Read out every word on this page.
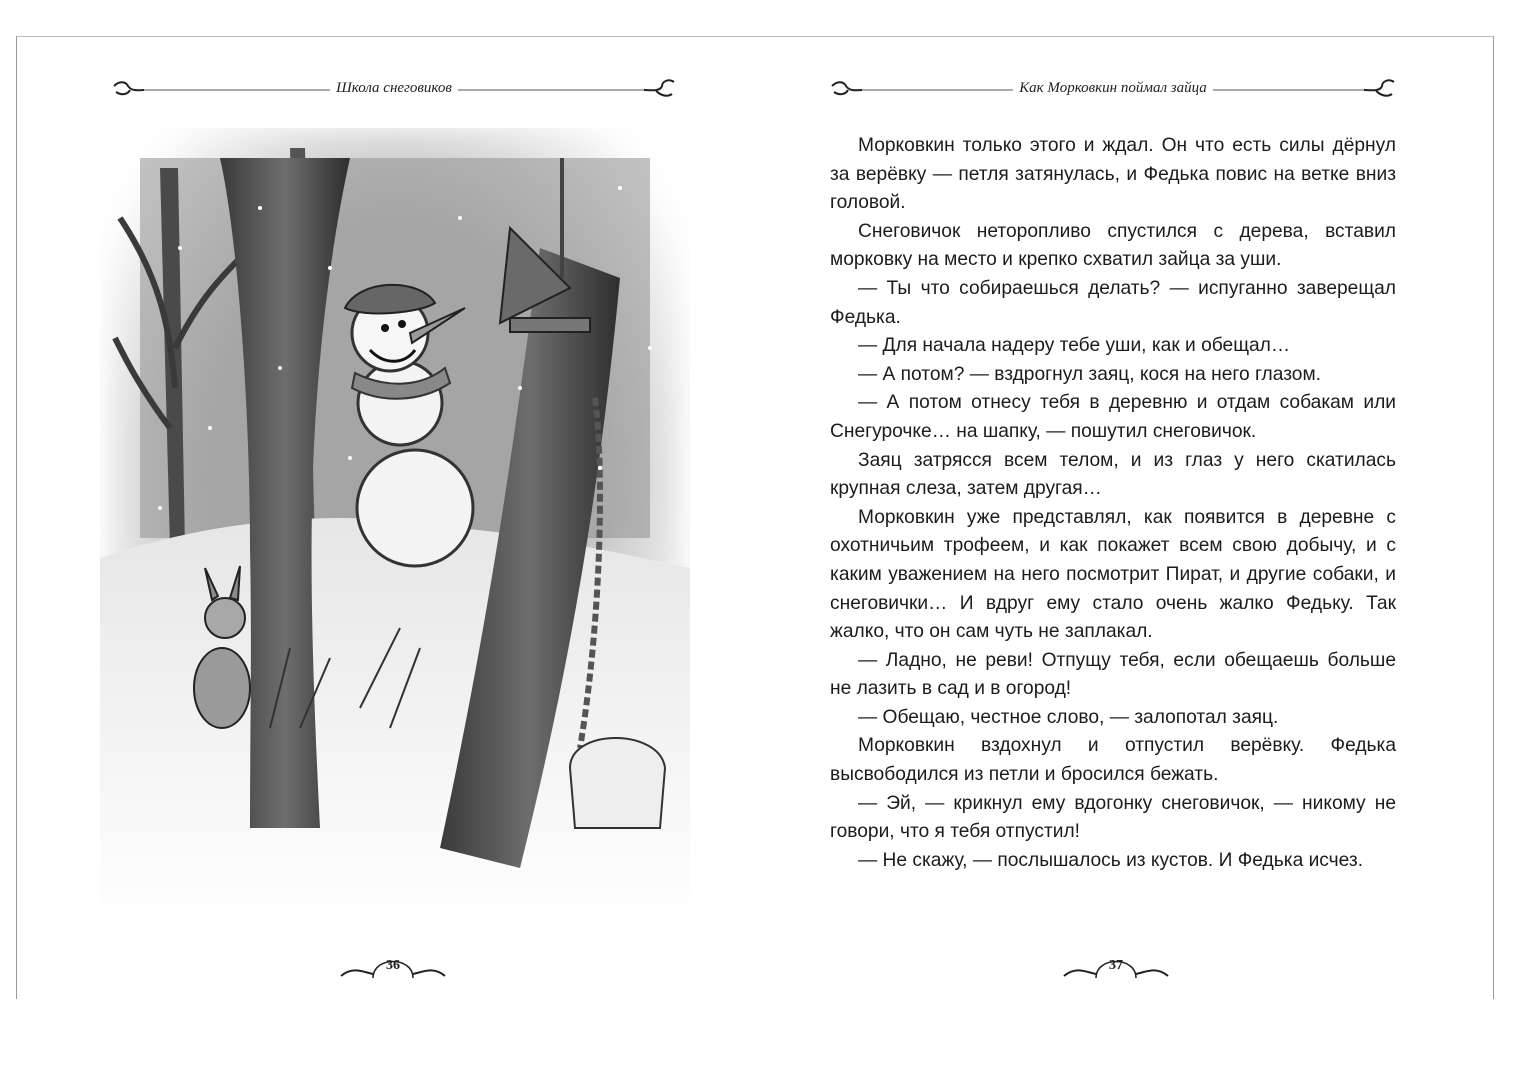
Школа снеговиков
36
Как Морковкин поймал зайца

Морковкин только этого и ждал. Он что есть силы дёрнул за верёвку — петля затянулась, и Федька повис на ветке вниз головой.

Снеговичок неторопливо спустился с дерева, вставил морковку на место и крепко схватил зайца за уши.

— Ты что собираешься делать? — испуганно заверещал Федька.

— Для начала надеру тебе уши, как и обещал…

— А потом? — вздрогнул заяц, кося на него глазом.

— А потом отнесу тебя в деревню и отдам собакам или Снегурочке… на шапку, — пошутил снеговичок.

Заяц затрясся всем телом, и из глаз у него скатилась крупная слеза, затем другая…

Морковкин уже представлял, как появится в деревне с охотничьим трофеем, и как покажет всем свою добычу, и с каким уважением на него посмотрит Пират, и другие собаки, и снеговички… И вдруг ему стало очень жалко Федьку. Так жалко, что он сам чуть не заплакал.

— Ладно, не реви! Отпущу тебя, если обещаешь больше не лазить в сад и в огород!

— Обещаю, честное слово, — залопотал заяц.

Морковкин вздохнул и отпустил верёвку. Федька высвободился из петли и бросился бежать.

— Эй, — крикнул ему вдогонку снеговичок, — никому не говори, что я тебя отпустил!

— Не скажу, — послышалось из кустов. И Федька исчез.

37
